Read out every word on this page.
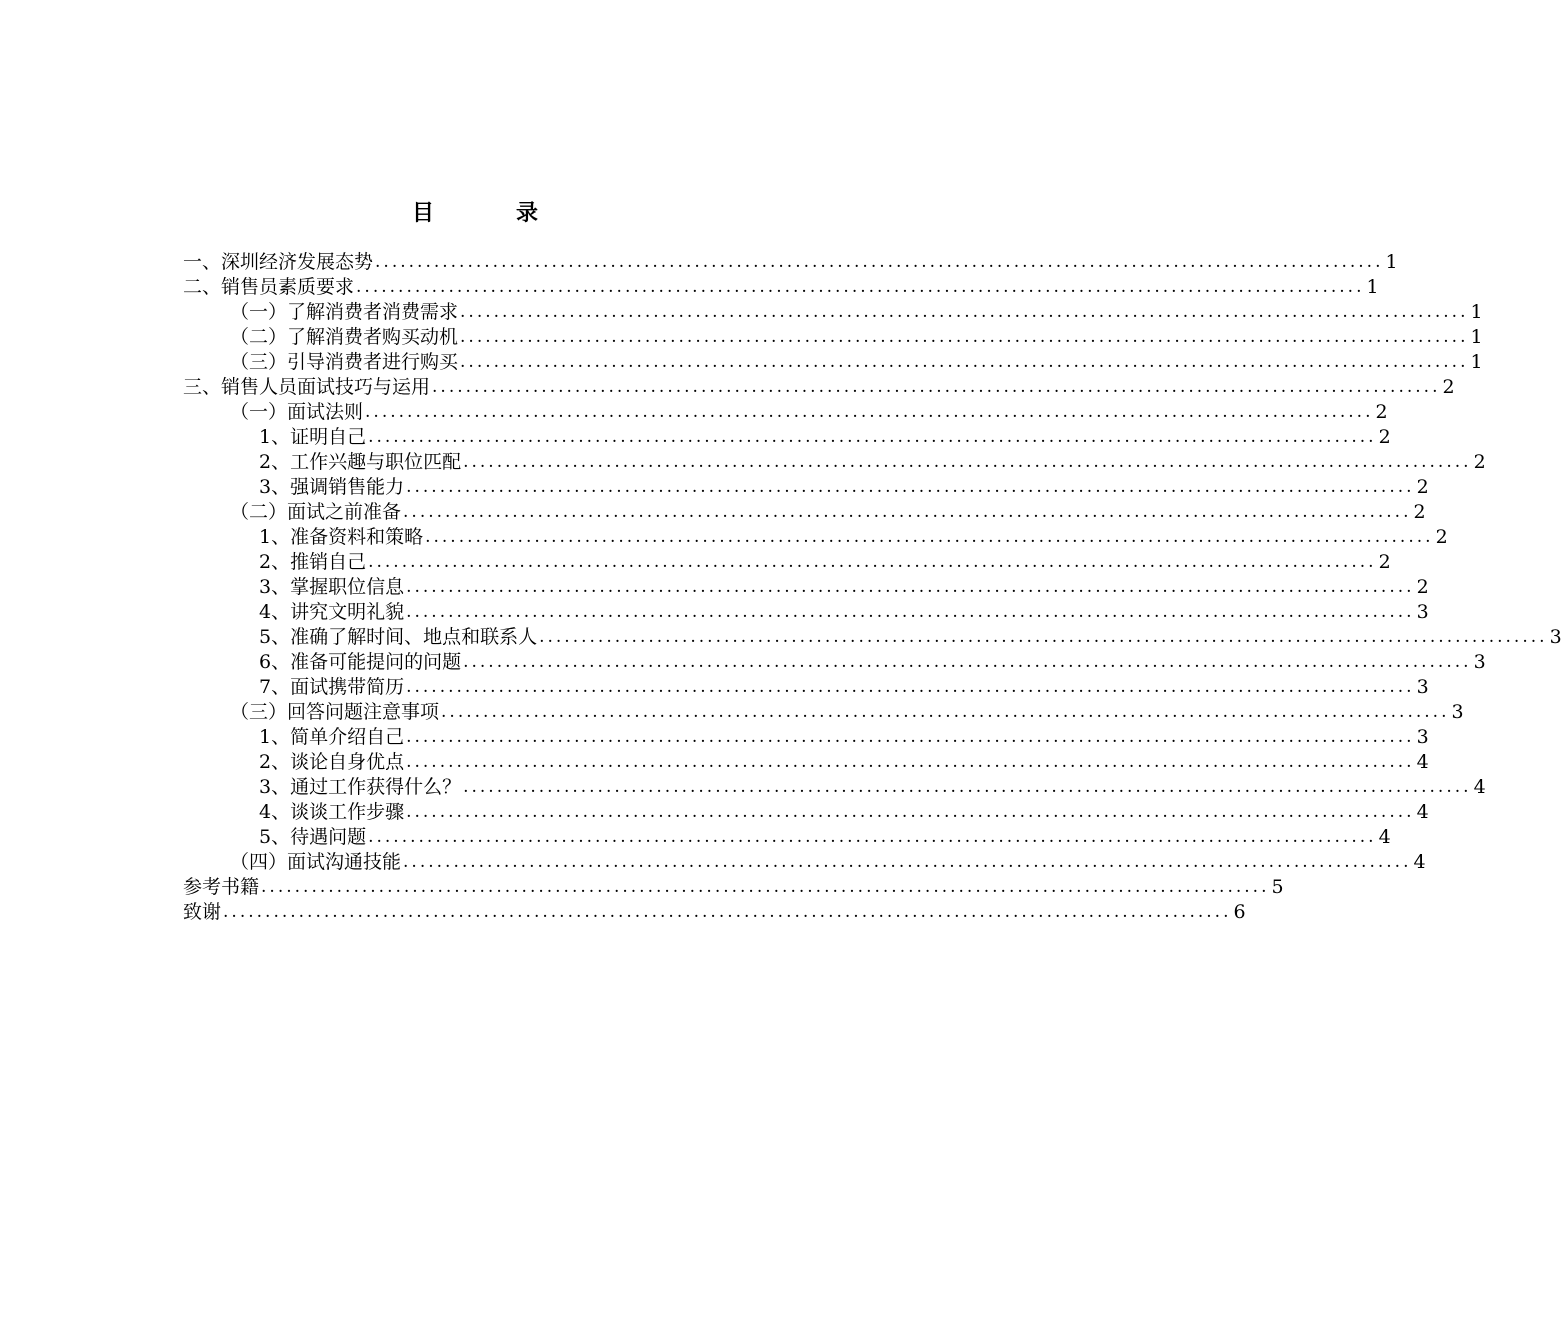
目　录
一、深圳经济发展态势 ........................................................................................................................ 1
二、销售员素质要求 ........................................................................................................................ 1
（一）了解消费者消费需求 ........................................................................................................................ 1
（二）了解消费者购买动机 ........................................................................................................................ 1
（三）引导消费者进行购买 ........................................................................................................................ 1
三、销售人员面试技巧与运用 ........................................................................................................................ 2
（一）面试法则 ........................................................................................................................ 2
1、证明自己 ........................................................................................................................ 2
2、工作兴趣与职位匹配 ........................................................................................................................ 2
3、强调销售能力 ........................................................................................................................ 2
（二）面试之前准备 ........................................................................................................................ 2
1、准备资料和策略 ........................................................................................................................ 2
2、推销自己 ........................................................................................................................ 2
3、掌握职位信息 ........................................................................................................................ 2
4、讲究文明礼貌 ........................................................................................................................ 3
5、准确了解时间、地点和联系人 ........................................................................................................................ 3
6、准备可能提问的问题 ........................................................................................................................ 3
7、面试携带简历 ........................................................................................................................ 3
（三）回答问题注意事项 ........................................................................................................................ 3
1、简单介绍自己 ........................................................................................................................ 3
2、谈论自身优点 ........................................................................................................................ 4
3、通过工作获得什么？ ........................................................................................................................ 4
4、谈谈工作步骤 ........................................................................................................................ 4
5、待遇问题 ........................................................................................................................ 4
（四）面试沟通技能 ........................................................................................................................ 4
参考书籍 ........................................................................................................................ 5
致谢 ........................................................................................................................ 6
